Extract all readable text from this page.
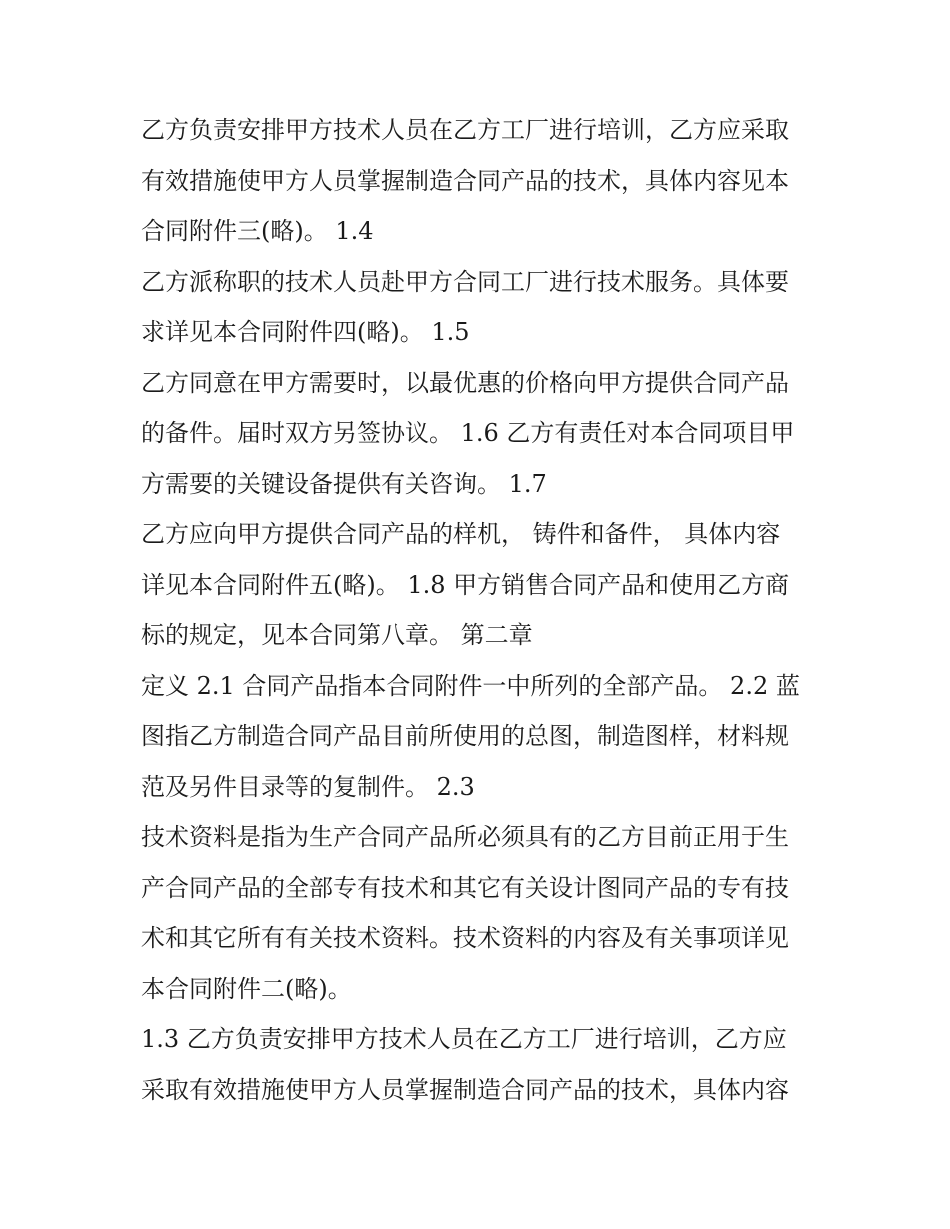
乙方负责安排甲方技术人员在乙方工厂进行培训，乙方应采取
有效措施使甲方人员掌握制造合同产品的技术，具体内容见本
合同附件三(略)。 1.4
乙方派称职的技术人员赴甲方合同工厂进行技术服务。具体要
求详见本合同附件四(略)。 1.5
乙方同意在甲方需要时，以最优惠的价格向甲方提供合同产品
的备件。届时双方另签协议。 1.6 乙方有责任对本合同项目甲
方需要的关键设备提供有关咨询。 1.7
乙方应向甲方提供合同产品的样机， 铸件和备件， 具体内容
详见本合同附件五(略)。 1.8 甲方销售合同产品和使用乙方商
标的规定，见本合同第八章。 第二章
定义 2.1 合同产品指本合同附件一中所列的全部产品。 2.2 蓝
图指乙方制造合同产品目前所使用的总图，制造图样，材料规
范及另件目录等的复制件。 2.3
技术资料是指为生产合同产品所必须具有的乙方目前正用于生
产合同产品的全部专有技术和其它有关设计图同产品的专有技
术和其它所有有关技术资料。技术资料的内容及有关事项详见
本合同附件二(略)。
1.3 乙方负责安排甲方技术人员在乙方工厂进行培训，乙方应
采取有效措施使甲方人员掌握制造合同产品的技术，具体内容
